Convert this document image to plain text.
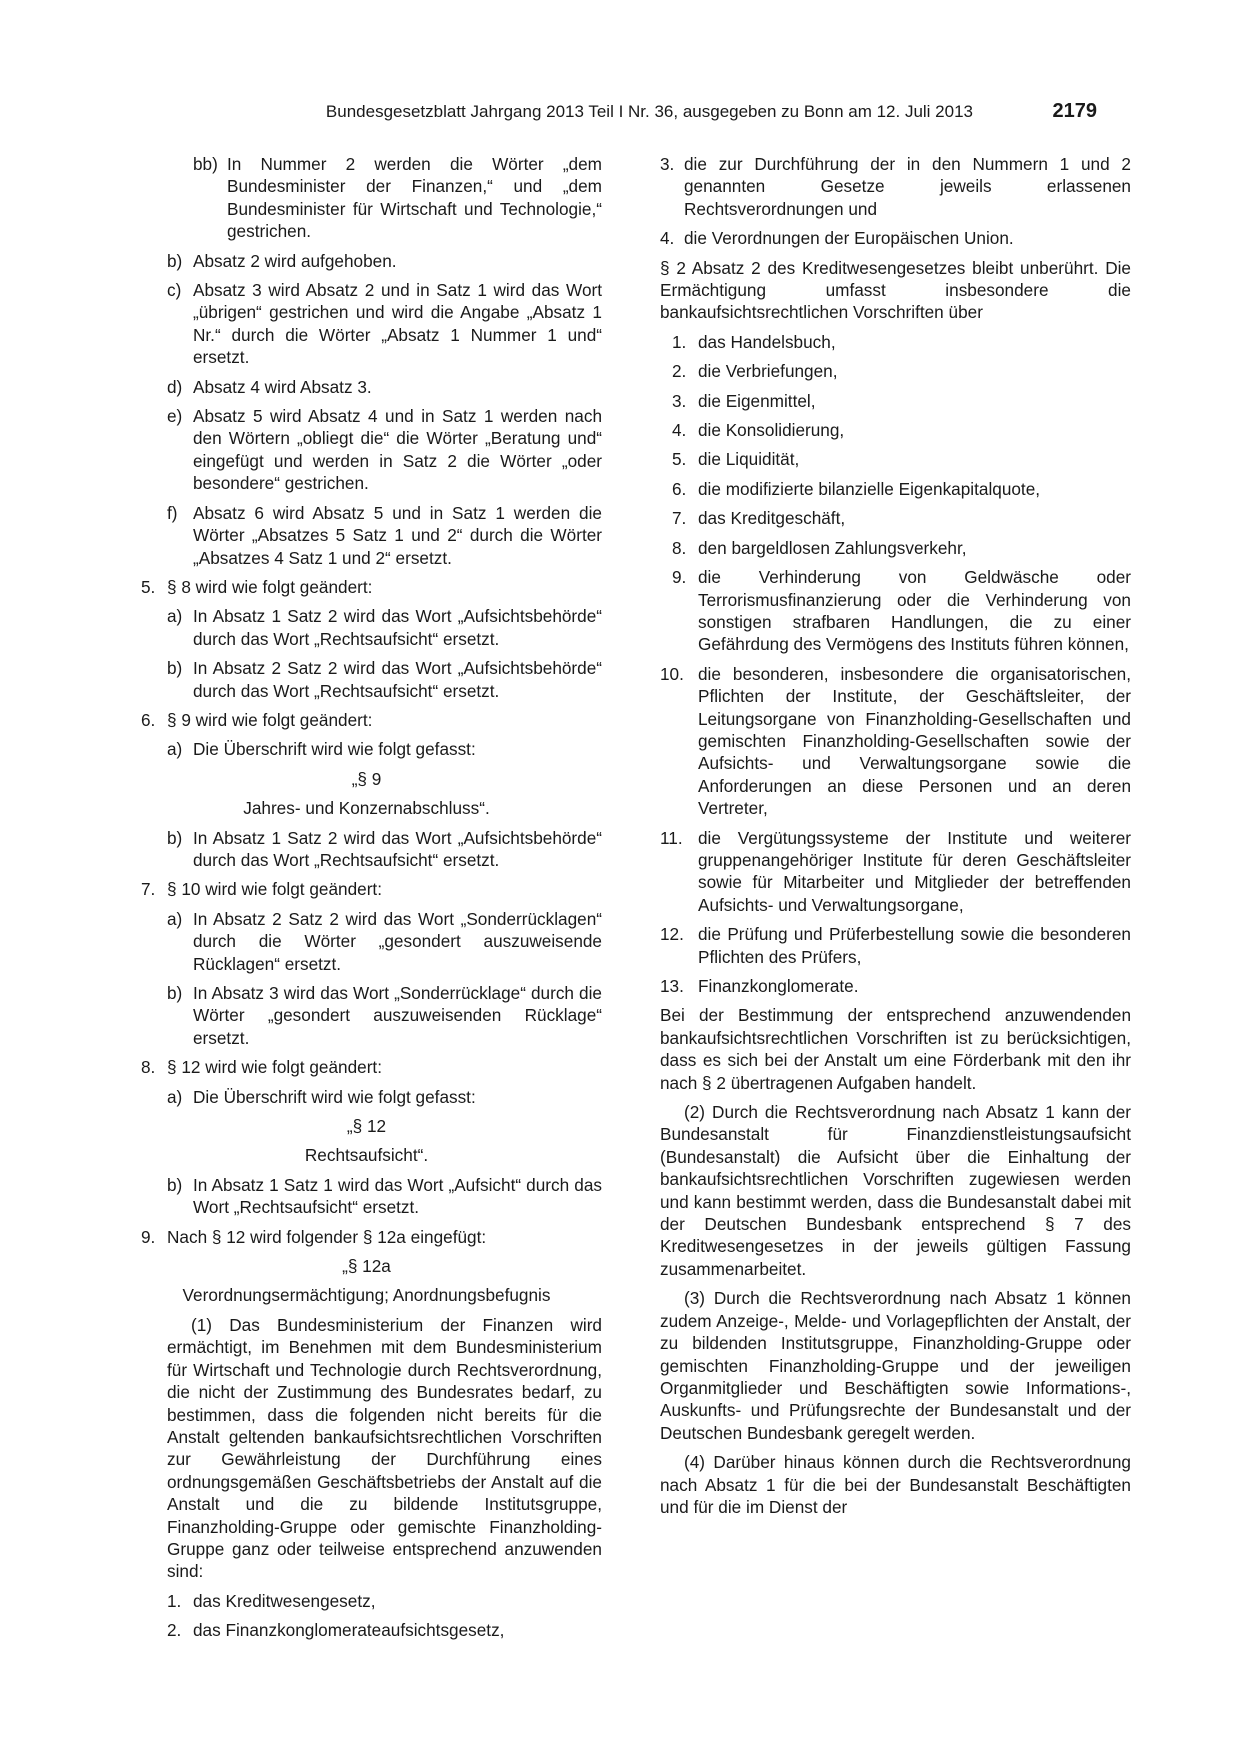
Bundesgesetzblatt Jahrgang 2013 Teil I Nr. 36, ausgegeben zu Bonn am 12. Juli 2013	2179
bb) In Nummer 2 werden die Wörter „dem Bundesminister der Finanzen,“ und „dem Bundesminister für Wirtschaft und Technologie,“ gestrichen.
b) Absatz 2 wird aufgehoben.
c) Absatz 3 wird Absatz 2 und in Satz 1 wird das Wort „übrigen“ gestrichen und wird die Angabe „Absatz 1 Nr.“ durch die Wörter „Absatz 1 Nummer 1 und“ ersetzt.
d) Absatz 4 wird Absatz 3.
e) Absatz 5 wird Absatz 4 und in Satz 1 werden nach den Wörtern „obliegt die“ die Wörter „Beratung und“ eingefügt und werden in Satz 2 die Wörter „oder besondere“ gestrichen.
f) Absatz 6 wird Absatz 5 und in Satz 1 werden die Wörter „Absatzes 5 Satz 1 und 2“ durch die Wörter „Absatzes 4 Satz 1 und 2“ ersetzt.
5. § 8 wird wie folgt geändert:
a) In Absatz 1 Satz 2 wird das Wort „Aufsichtsbehörde“ durch das Wort „Rechtsaufsicht“ ersetzt.
b) In Absatz 2 Satz 2 wird das Wort „Aufsichtsbehörde“ durch das Wort „Rechtsaufsicht“ ersetzt.
6. § 9 wird wie folgt geändert:
a) Die Überschrift wird wie folgt gefasst:

„§ 9

Jahres- und Konzernabschluss“.

b) In Absatz 1 Satz 2 wird das Wort „Aufsichtsbehörde“ durch das Wort „Rechtsaufsicht“ ersetzt.
7. § 10 wird wie folgt geändert:
a) In Absatz 2 Satz 2 wird das Wort „Sonderrücklagen“ durch die Wörter „gesondert auszuweisende Rücklagen“ ersetzt.
b) In Absatz 3 wird das Wort „Sonderrücklage“ durch die Wörter „gesondert auszuweisenden Rücklage“ ersetzt.
8. § 12 wird wie folgt geändert:
a) Die Überschrift wird wie folgt gefasst:

„§ 12

Rechtsaufsicht“.

b) In Absatz 1 Satz 1 wird das Wort „Aufsicht“ durch das Wort „Rechtsaufsicht“ ersetzt.
9. Nach § 12 wird folgender § 12a eingefügt:

„§ 12a

Verordnungsermächtigung; Anordnungsbefugnis

(1) Das Bundesministerium der Finanzen wird ermächtigt, im Benehmen mit dem Bundesministerium für Wirtschaft und Technologie durch Rechtsverordnung, die nicht der Zustimmung des Bundesrates bedarf, zu bestimmen, dass die folgenden nicht bereits für die Anstalt geltenden bankaufsichtsrechtlichen Vorschriften zur Gewährleistung der Durchführung eines ordnungsgemäßen Geschäftsbetriebs der Anstalt auf die Anstalt und die zu bildende Institutsgruppe, Finanzholding-Gruppe oder gemischte Finanzholding-Gruppe ganz oder teilweise entsprechend anzuwenden sind:

1. das Kreditwesengesetz,
2. das Finanzkonglomerateaufsichtsgesetz,
3. die zur Durchführung der in den Nummern 1 und 2 genannten Gesetze jeweils erlassenen Rechtsverordnungen und
4. die Verordnungen der Europäischen Union.

§ 2 Absatz 2 des Kreditwesengesetzes bleibt unberührt. Die Ermächtigung umfasst insbesondere die bankaufsichtsrechtlichen Vorschriften über

1. das Handelsbuch,
2. die Verbriefungen,
3. die Eigenmittel,
4. die Konsolidierung,
5. die Liquidität,
6. die modifizierte bilanzielle Eigenkapitalquote,
7. das Kreditgeschäft,
8. den bargeldlosen Zahlungsverkehr,
9. die Verhinderung von Geldwäsche oder Terrorismusfinanzierung oder die Verhinderung von sonstigen strafbaren Handlungen, die zu einer Gefährdung des Vermögens des Instituts führen können,
10. die besonderen, insbesondere die organisatorischen, Pflichten der Institute, der Geschäftsleiter, der Leitungsorgane von Finanzholding-Gesellschaften und gemischten Finanzholding-Gesellschaften sowie der Aufsichts- und Verwaltungsorgane sowie die Anforderungen an diese Personen und an deren Vertreter,
11. die Vergütungssysteme der Institute und weiterer gruppenangehöriger Institute für deren Geschäftsleiter sowie für Mitarbeiter und Mitglieder der betreffenden Aufsichts- und Verwaltungsorgane,
12. die Prüfung und Prüferbestellung sowie die besonderen Pflichten des Prüfers,
13. Finanzkonglomerate.

Bei der Bestimmung der entsprechend anzuwendenden bankaufsichtsrechtlichen Vorschriften ist zu berücksichtigen, dass es sich bei der Anstalt um eine Förderbank mit den ihr nach § 2 übertragenen Aufgaben handelt.

(2) Durch die Rechtsverordnung nach Absatz 1 kann der Bundesanstalt für Finanzdienstleistungsaufsicht (Bundesanstalt) die Aufsicht über die Einhaltung der bankaufsichtsrechtlichen Vorschriften zugewiesen werden und kann bestimmt werden, dass die Bundesanstalt dabei mit der Deutschen Bundesbank entsprechend § 7 des Kreditwesengesetzes in der jeweils gültigen Fassung zusammenarbeitet.

(3) Durch die Rechtsverordnung nach Absatz 1 können zudem Anzeige-, Melde- und Vorlagepflichten der Anstalt, der zu bildenden Institutsgruppe, Finanzholding-Gruppe oder gemischten Finanzholding-Gruppe und der jeweiligen Organmitglieder und Beschäftigten sowie Informations-, Auskunfts- und Prüfungsrechte der Bundesanstalt und der Deutschen Bundesbank geregelt werden.

(4) Darüber hinaus können durch die Rechtsverordnung nach Absatz 1 für die bei der Bundesanstalt Beschäftigten und für die im Dienst der
